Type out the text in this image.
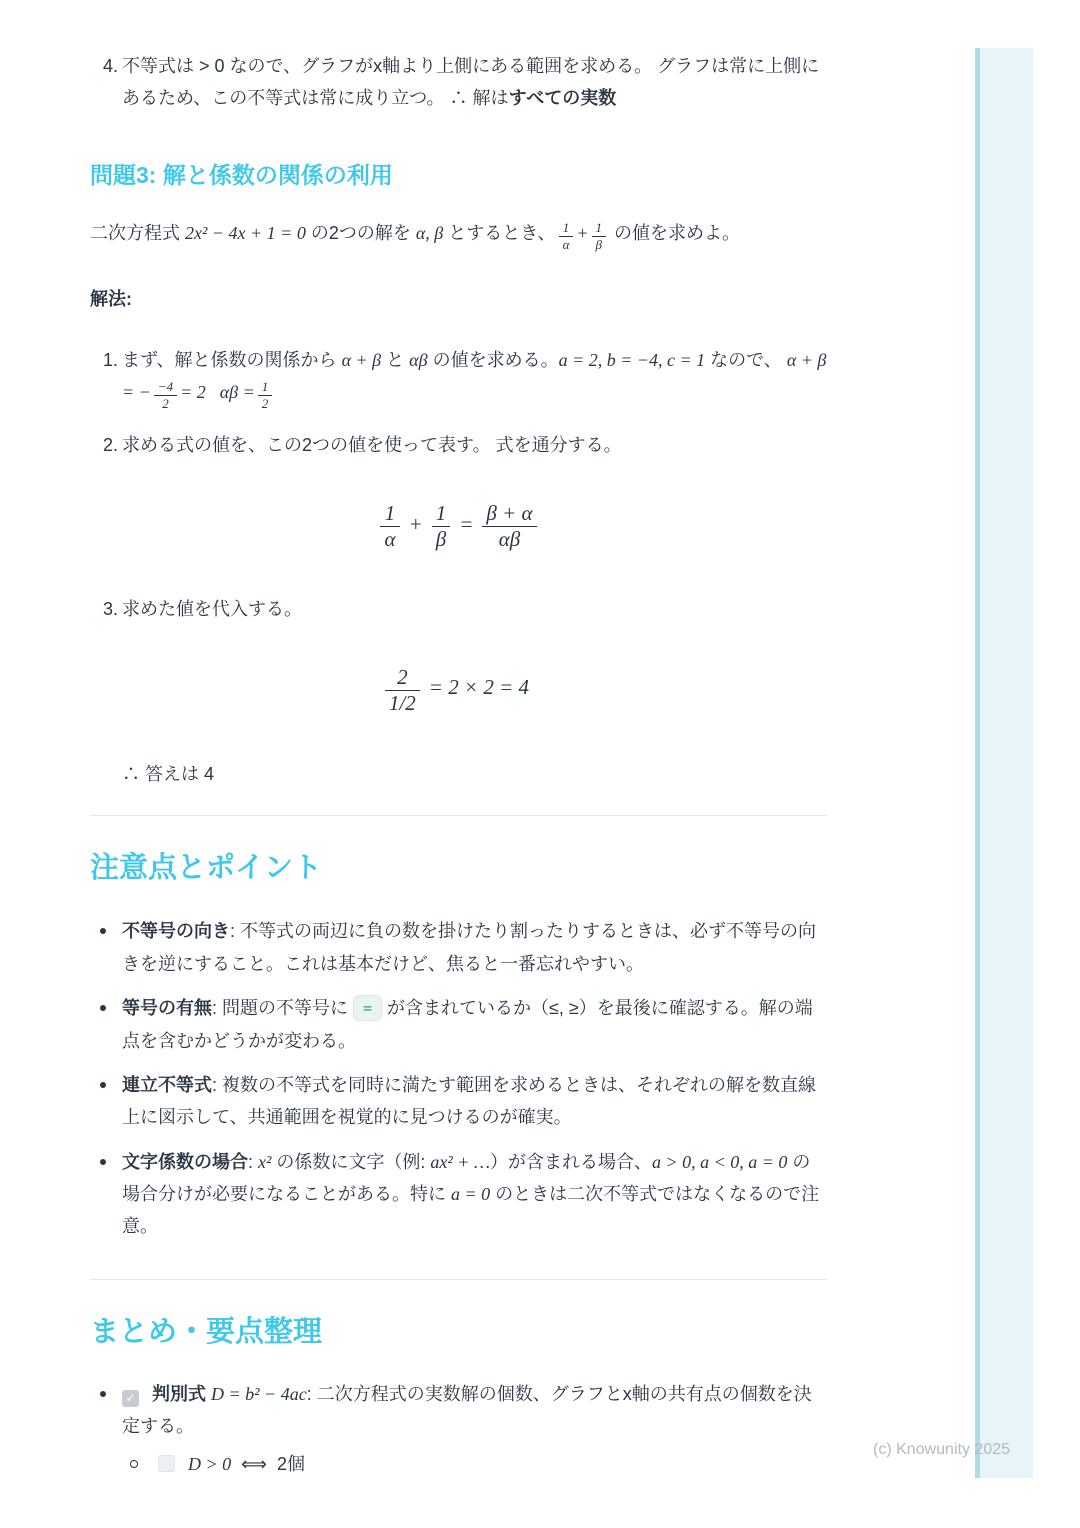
4. 不等式は > 0 なので、グラフがx軸より上側にある範囲を求める。 グラフは常に上側にあるため、この不等式は常に成り立つ。 ∴ 解はすべての実数
問題3: 解と係数の関係の利用

二次方程式 2x² − 4x + 1 = 0 の2つの解を α, β とするとき、 $\frac{1}{\alpha} + \frac{1}{\beta}$ の値を求めよ。

解法:

1. まず、解と係数の関係から α + β と αβ の値を求める。a = 2, b = −4, c = 1 なので、 α + β = − $\frac{-4}{2} = 2$ $\alpha\beta = \frac{1}{2}$
2. 求める式の値を、この2つの値を使って表す。 式を通分する。
$\frac{1}{\alpha} + \frac{1}{\beta} = \frac{\beta + \alpha}{\alpha\beta}$
3. 求めた値を代入する。
$\frac{2}{1/2} = 2 \times 2 = 4$

∴ 答えは 4

注意点とポイント
不等号の向き: 不等式の両辺に負の数を掛けたり割ったりするときは、必ず不等号の向きを逆にすること。これは基本だけど、焦ると一番忘れやすい。
等号の有無: 問題の不等号に = が含まれているか（≤, ≥）を最後に確認する。解の端点を含むかどうかが変わる。
連立不等式: 複数の不等式を同時に満たす範囲を求めるときは、それぞれの解を数直線上に図示して、共通範囲を視覚的に見つけるのが確実。
文字係数の場合: x² の係数に文字（例: ax² + …）が含まれる場合、a > 0, a < 0, a = 0 の場合分けが必要になることがある。特に a = 0 のときは二次不等式ではなくなるので注意。
まとめ・要点整理
✓ 判別式 D = b² − 4ac: 二次方程式の実数解の個数、グラフとx軸の共有点の個数を決定する。
D > 0 ⟺ 2個
(c) Knowunity 2025
